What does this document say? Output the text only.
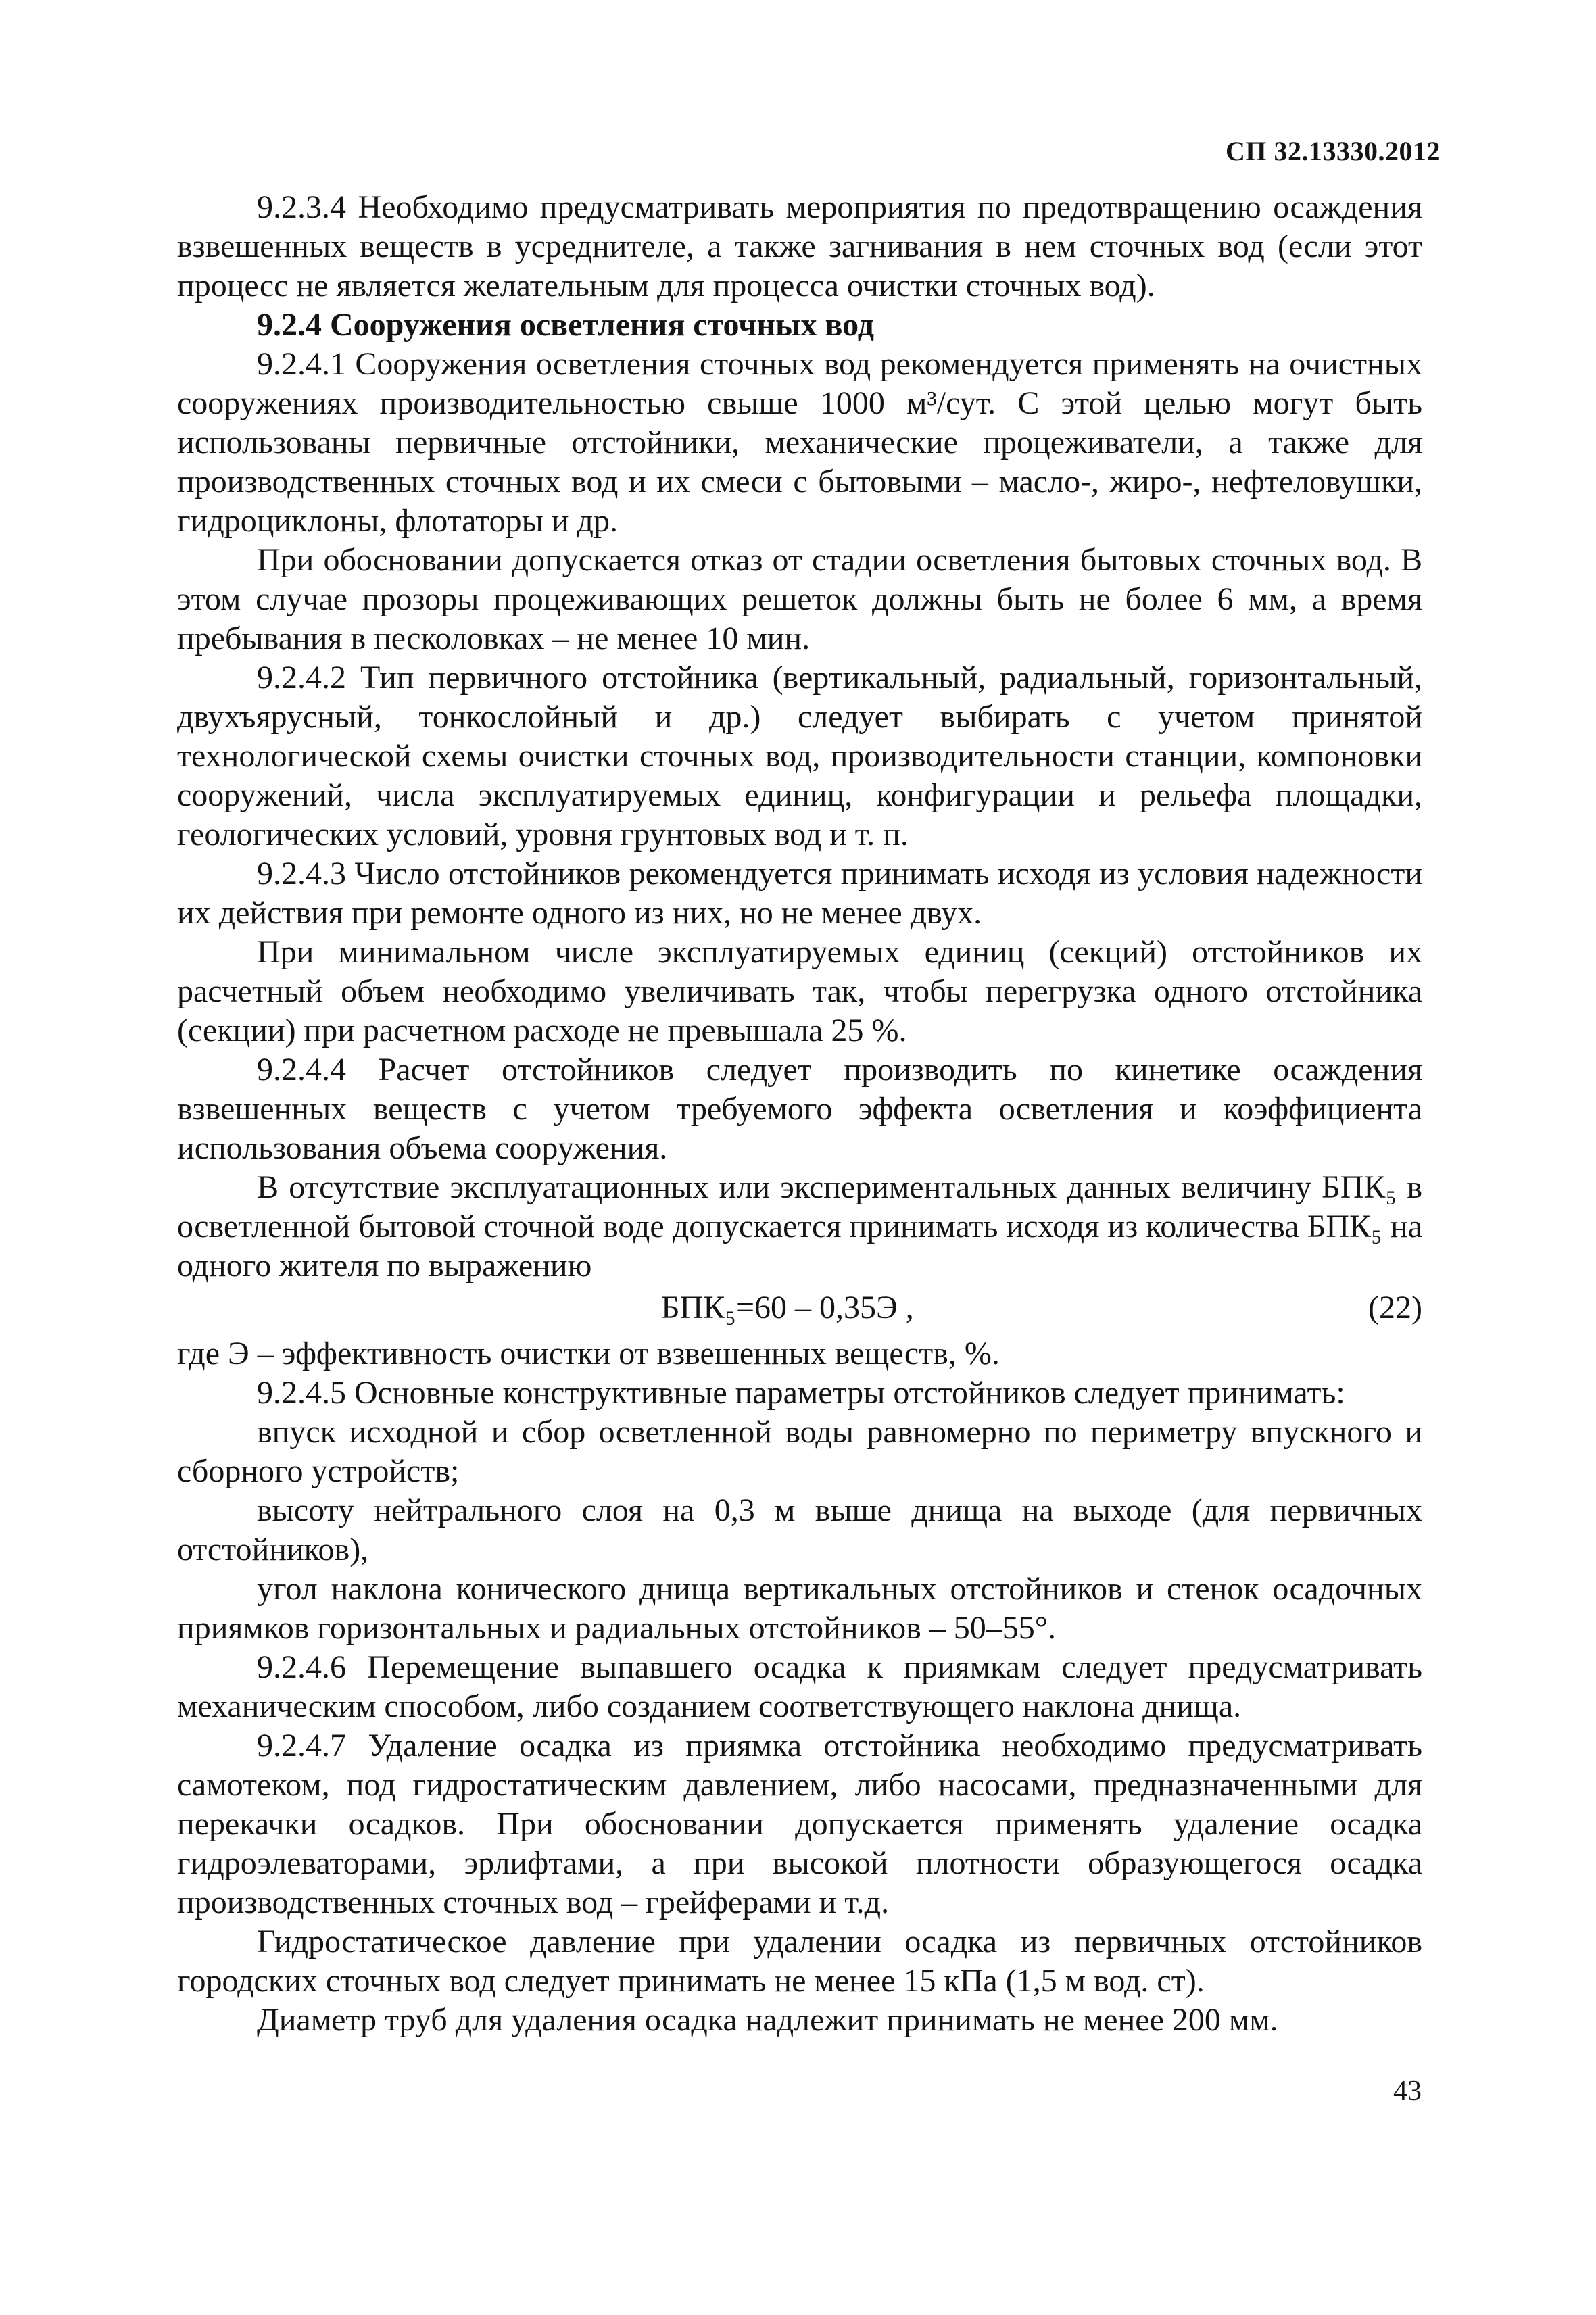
СП 32.13330.2012

9.2.3.4 Необходимо предусматривать мероприятия по предотвращению осаждения взвешенных веществ в усреднителе, а также загнивания в нем сточных вод (если этот процесс не является желательным для процесса очистки сточных вод).

9.2.4 Сооружения осветления сточных вод

9.2.4.1 Сооружения осветления сточных вод рекомендуется применять на очистных сооружениях производительностью свыше 1000 м³/сут. С этой целью могут быть использованы первичные отстойники, механические процеживатели, а также для производственных сточных вод и их смеси с бытовыми – масло-, жиро-, нефтеловушки, гидроциклоны, флотаторы и др.

При обосновании допускается отказ от стадии осветления бытовых сточных вод. В этом случае прозоры процеживающих решеток должны быть не более 6 мм, а время пребывания в песколовках – не менее 10 мин.

9.2.4.2 Тип первичного отстойника (вертикальный, радиальный, горизонтальный, двухъярусный, тонкослойный и др.) следует выбирать с учетом принятой технологической схемы очистки сточных вод, производительности станции, компоновки сооружений, числа эксплуатируемых единиц, конфигурации и рельефа площадки, геологических условий, уровня грунтовых вод и т. п.

9.2.4.3 Число отстойников рекомендуется принимать исходя из условия надежности их действия при ремонте одного из них, но не менее двух.

При минимальном числе эксплуатируемых единиц (секций) отстойников их расчетный объем необходимо увеличивать так, чтобы перегрузка одного отстойника (секции) при расчетном расходе не превышала 25 %.

9.2.4.4 Расчет отстойников следует производить по кинетике осаждения взвешенных веществ с учетом требуемого эффекта осветления и коэффициента использования объема сооружения.

В отсутствие эксплуатационных или экспериментальных данных величину БПК₅ в осветленной бытовой сточной воде допускается принимать исходя из количества БПК₅ на одного жителя по выражению

БПК₅=60 – 0,35Э ,	(22)

где Э – эффективность очистки от взвешенных веществ, %.

9.2.4.5 Основные конструктивные параметры отстойников следует принимать:

впуск исходной и сбор осветленной воды равномерно по периметру впускного и сборного устройств;

высоту нейтрального слоя на 0,3 м выше днища на выходе (для первичных отстойников),

угол наклона конического днища вертикальных отстойников и стенок осадочных приямков горизонтальных и радиальных отстойников – 50–55°.

9.2.4.6 Перемещение выпавшего осадка к приямкам следует предусматривать механическим способом, либо созданием соответствующего наклона днища.

9.2.4.7 Удаление осадка из приямка отстойника необходимо предусматривать самотеком, под гидростатическим давлением, либо насосами, предназначенными для перекачки осадков. При обосновании допускается применять удаление осадка гидроэлеваторами, эрлифтами, а при высокой плотности образующегося осадка производственных сточных вод – грейферами и т.д.

Гидростатическое давление при удалении осадка из первичных отстойников городских сточных вод следует принимать не менее 15 кПа (1,5 м вод. ст).

Диаметр труб для удаления осадка надлежит принимать не менее 200 мм.

43
